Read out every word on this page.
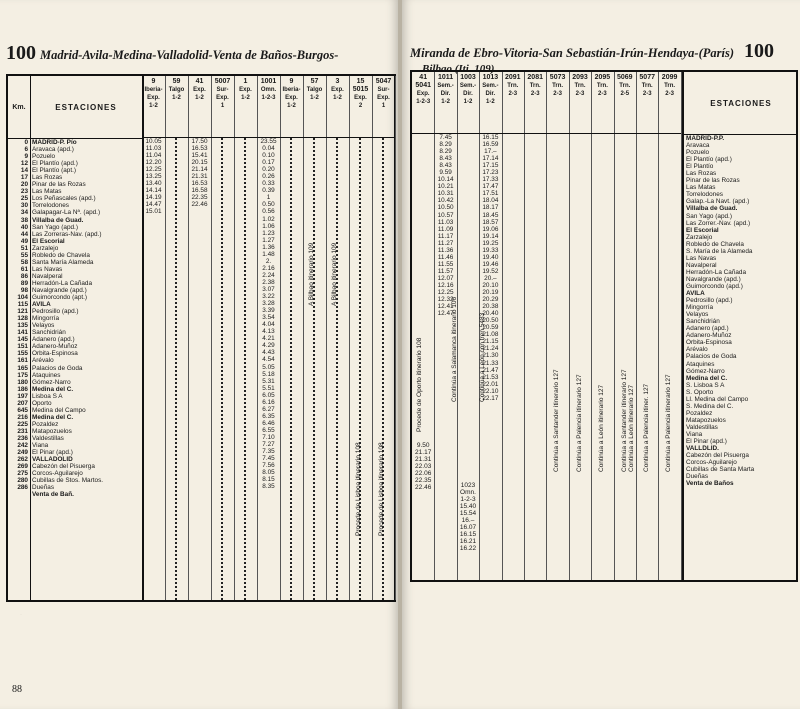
100 Madrid-Avila-Medina-Valladolid-Venta de Baños-Burgos-
Km.
0
6
9
12
14
17
20
23
25
30
34
38
40
44
49
51
55
58
61
86
89
98
104
115
121
128
135
141
145
151
155
161
165
175
180
186
197
207
645
216
225
231
236
242
249
262
269
275
280
286
ESTACIONES
MADRID-P. Pío
Aravaca (apd.)
Pozuelo
El Plantío (apd.)
El Plantío (apt.)
Las Rozas
Pinar de las Rozas
Las Matas
Los Peñascales (apd.)
Torrelodones
Galapagar-La Nª. (apd.)
Villalba de Guad.
San Yago (apd.)
Las Zorreras-Nav. (apd.)
El Escorial
Zarzalejo
Robledo de Chavela
Santa María Alameda
Las Navas
Navalperal
Herradón-La Cañada
Navalgrande (apd.)
Guimorcondo (apt.)
AVILA
Pedrosillo (apd.)
Mingorría
Velayos
Sanchidrián
Adanero (apd.)
Adanero-Muñoz
Orbita-Espinosa
Arévalo
Palacios de Goda
Ataquines
Gómez-Narro
Medina del C.
Lisboa S A
Oporto
Medina del Campo
Medina del C.
Pozaldez
Matapozuelos
Valdestillas
Viana
El Pinar (apd.)
VALLADOLID
Cabezón del Pisuerga
Corcos-Aguilarejo
Cubillas de Stos. Martos.
Dueñas
Venta de Bañ.
9
Iberia-Exp.
1-2
10.05
11.03
11.04
12.20
12.25
13.25
13.40
14.14
14.19
14.47
15.01
59
Talgo
1-2
41
Exp.
1-2
17.50
16.53
15.41
20.15
21.14
21.31
16.53
16.58
22.35
22.46
5007
Sur-Exp.
1
1
Exp.
1-2
1001
Omn.
1-2-3
23.55
0.04
0.10
0.17
0.20
0.26
0.33
0.39
1
0.50
0.56
1.02
1.06
1.23
1.27
1.36
1.48
2.
2.16
2.24
2.38
3.07
3.22
3.28
3.39
3.54
4.04
4.13
4.21
4.29
4.43
4.54
5.05
5.18
5.31
5.51
6.05
6.16
6.27
6.35
6.46
6.55
7.10
7.27
7.35
7.45
7.56
8.05
8.15
8.35
9
Iberia-Exp.
1-2
57
Talgo
1-2
3
Exp.
1-2
15
5015
Exp.
2
5047
Sur-Exp.
1
A Bilbao itinerario 109 A Bilbao itinerario 109
Procede de Lisboa itinerario 108 Procede de Lisboa itinerario 108
88
·
Miranda de Ebro-Vitoria-San Sebastián-Irún-Hendaya-(París) 100
Bilbao (Iti. 109)
41
5041
Exp.
1-2-3
9.50
21.17
21.31
22.03
22.06
22.35
22.46
1011
Sem.-Dir.
1-2
7.45
8.29
8.29
8.43
8.43
9.59
10.14
10.21
10.31
10.42
10.50
10.57
11.03
11.09
11.17
11.27
11.36
11.46
11.55
11.57
12.07
12.16
12.25
12.32
12.41
12.47
1003
Sem.-Dir.
1-2
1023
Omn.
1-2-3
15.40
15.54
16.–
16.07
16.15
16.21
16.22
1013
Sem.-Dir.
1-2
16.15
16.59
17.–
17.14
17.15
17.23
17.33
17.47
17.51
18.04
18.17
18.45
18.57
19.06
19.14
19.25
19.33
19.40
19.46
19.52
20.–
20.10
20.19
20.29
20.38
20.40
20.50
20.59
21.08
21.15
21.24
21.30
21.33
21.47
21.53
22.01
22.10
22.17
2091
Trn.
2-3
2081
Trn.
2-3
5073
Trn.
2-3
2093
Trn.
2-3
2095
Trn.
2-3
5069
Trn.
2-5
5077
Trn.
2-3
2099
Trn.
2-3
Procede de Oporto itinerario 108	Continúa a Salamanca itinerario 106	Continúa a León con tren 5483
Continúa a Santander itinerario 127 Continúa a Palencia itinerario 127 Continúa a León itinerario 127 Continúa a Santander itinerario 127 Continúa a Palencia itiner. 127 Continúa a Palencia itinerario 127
Continúa a León itinerario 127
ESTACIONES
MADRID-P.P.
Aravaca
Pozuelo
El Plantío (apd.)
El Plantío
Las Rozas
Pinar de las Rozas
Las Matas
Torrelodones
Galap.-La Navt. (apd.)
Villalba de Guad.
San Yago (apd.)
Las Zorrer.-Nav. (apd.)
El Escorial
Zarzalejo
Robledo de Chavela
S. María de la Alameda
Las Navas
Navalperal
Herradón-La Cañada
Navalgrande (apd.)
Guimorcondo (apd.)
AVILA
Pedrosillo (apd.)
Mingorría
Velayos
Sanchidrián
Adanero (apd.)
Adanero-Muñoz
Orbita-Espinosa
Arévalo
Palacios de Goda
Ataquines
Gómez-Narro
Medina del C.
S. Lisboa S A
S. Oporto
Ll. Medina del Campo
S. Medina del C.
Pozaldez
Matapozuelos
Valdestillas
Viana
El Pinar (apd.)
VALLDLID.
Cabezón del Pisuerga
Corcos-Aguilarejo
Cubillas de Santa Marta
Dueñas
Venta de Baños
